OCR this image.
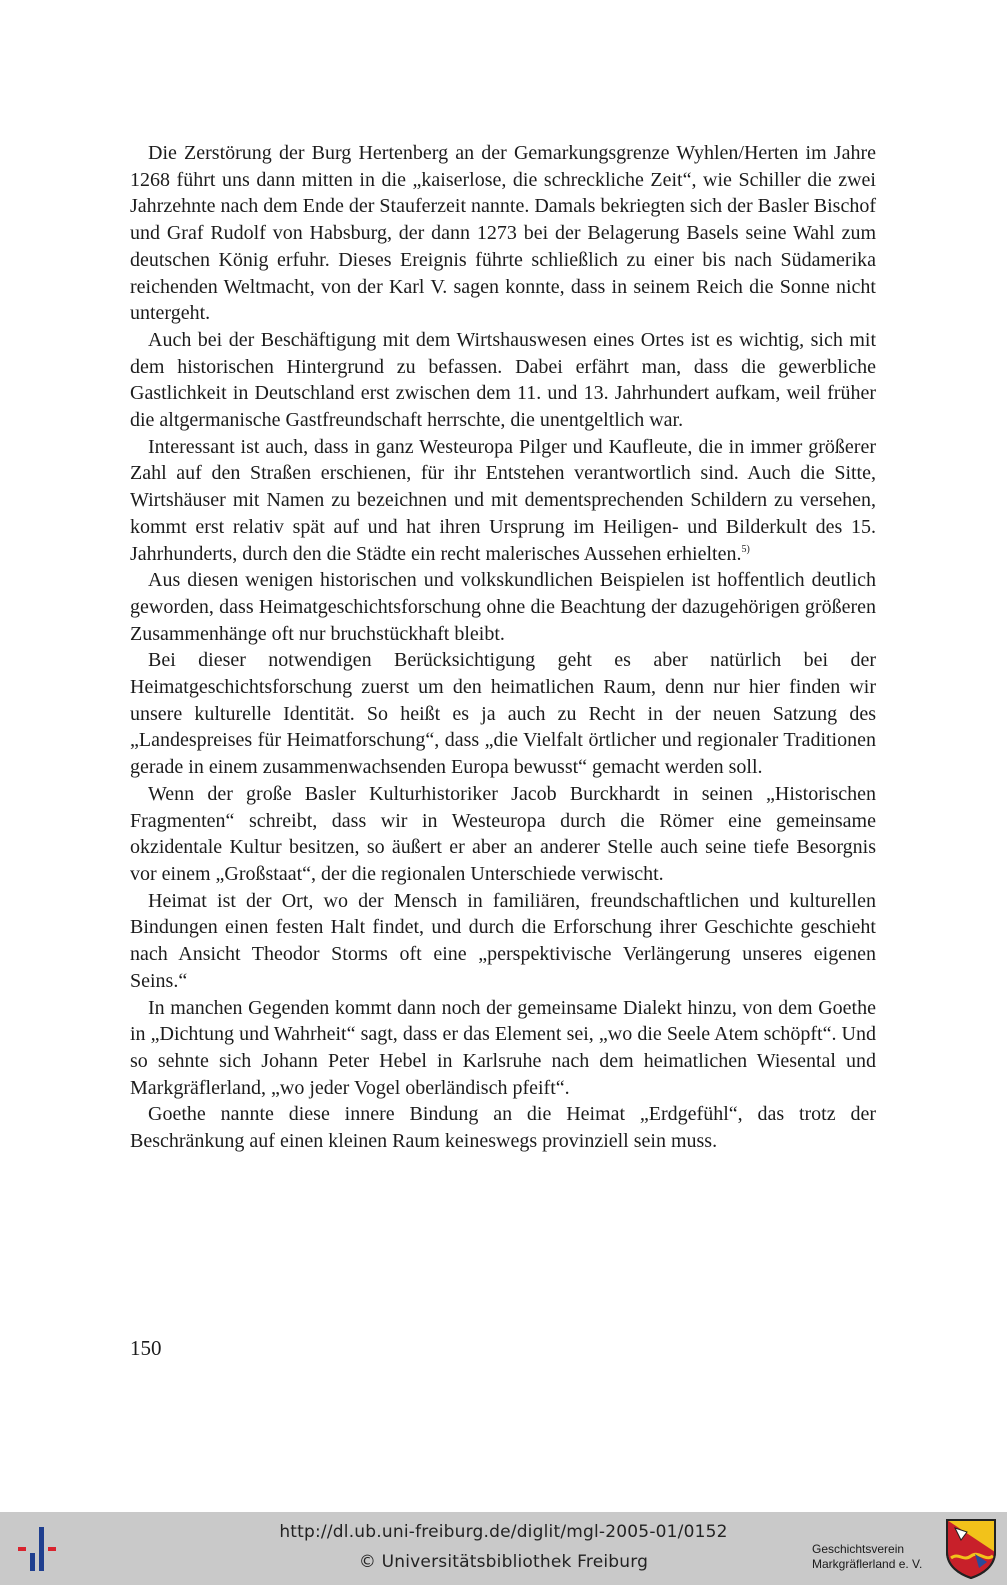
Die Zerstörung der Burg Hertenberg an der Gemarkungsgrenze Wyhlen/Herten im Jahre 1268 führt uns dann mitten in die „kaiserlose, die schreckliche Zeit“, wie Schiller die zwei Jahrzehnte nach dem Ende der Stauferzeit nannte. Damals bekriegten sich der Basler Bischof und Graf Rudolf von Habsburg, der dann 1273 bei der Belagerung Basels seine Wahl zum deutschen König erfuhr. Dieses Ereignis führte schließlich zu einer bis nach Südamerika reichenden Weltmacht, von der Karl V. sagen konnte, dass in seinem Reich die Sonne nicht untergeht.

Auch bei der Beschäftigung mit dem Wirtshauswesen eines Ortes ist es wichtig, sich mit dem historischen Hintergrund zu befassen. Dabei erfährt man, dass die gewerbliche Gastlichkeit in Deutschland erst zwischen dem 11. und 13. Jahrhundert aufkam, weil früher die altgermanische Gastfreundschaft herrschte, die unentgeltlich war.

Interessant ist auch, dass in ganz Westeuropa Pilger und Kaufleute, die in immer größerer Zahl auf den Straßen erschienen, für ihr Entstehen verantwortlich sind. Auch die Sitte, Wirtshäuser mit Namen zu bezeichnen und mit dementsprechenden Schildern zu versehen, kommt erst relativ spät auf und hat ihren Ursprung im Heiligen- und Bilderkult des 15. Jahrhunderts, durch den die Städte ein recht malerisches Aussehen erhielten.$^{5)}$

Aus diesen wenigen historischen und volkskundlichen Beispielen ist hoffentlich deutlich geworden, dass Heimatgeschichtsforschung ohne die Beachtung der dazugehörigen größeren Zusammenhänge oft nur bruchstückhaft bleibt.

Bei dieser notwendigen Berücksichtigung geht es aber natürlich bei der Heimatgeschichtsforschung zuerst um den heimatlichen Raum, denn nur hier finden wir unsere kulturelle Identität. So heißt es ja auch zu Recht in der neuen Satzung des „Landespreises für Heimatforschung“, dass „die Vielfalt örtlicher und regionaler Traditionen gerade in einem zusammenwachsenden Europa bewusst“ gemacht werden soll.

Wenn der große Basler Kulturhistoriker Jacob Burckhardt in seinen „Historischen Fragmenten“ schreibt, dass wir in Westeuropa durch die Römer eine gemeinsame okzidentale Kultur besitzen, so äußert er aber an anderer Stelle auch seine tiefe Besorgnis vor einem „Großstaat“, der die regionalen Unterschiede verwischt.

Heimat ist der Ort, wo der Mensch in familiären, freundschaftlichen und kulturellen Bindungen einen festen Halt findet, und durch die Erforschung ihrer Geschichte geschieht nach Ansicht Theodor Storms oft eine „perspektivische Verlängerung unseres eigenen Seins.“

In manchen Gegenden kommt dann noch der gemeinsame Dialekt hinzu, von dem Goethe in „Dichtung und Wahrheit“ sagt, dass er das Element sei, „wo die Seele Atem schöpft“. Und so sehnte sich Johann Peter Hebel in Karlsruhe nach dem heimatlichen Wiesental und Markgräflerland, „wo jeder Vogel oberländisch pfeift“.

Goethe nannte diese innere Bindung an die Heimat „Erdgefühl“, das trotz der Beschränkung auf einen kleinen Raum keineswegs provinziell sein muss.

150
http://dl.ub.uni-freiburg.de/diglit/mgl-2005-01/0152
© Universitätsbibliothek Freiburg
Geschichtsverein
Markgräflerland e. V.
